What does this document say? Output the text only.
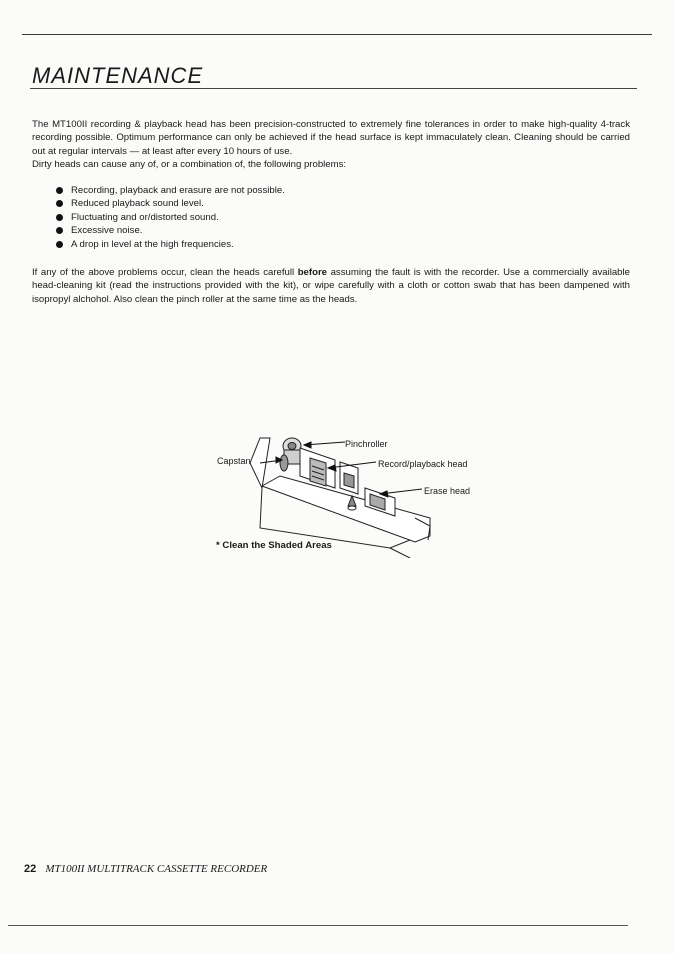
MAINTENANCE

The MT100II recording & playback head has been precision-constructed to extremely fine tolerances in order to make high-quality 4-track recording possible. Optimum performance can only be achieved if the head surface is kept immaculately clean. Cleaning should be carried out at regular intervals — at least after every 10 hours of use.

Dirty heads can cause any of, or a combination of, the following problems:

Recording, playback and erasure are not possible.
Reduced playback sound level.
Fluctuating and or/distorted sound.
Excessive noise.
A drop in level at the high frequencies.

If any of the above problems occur, clean the heads carefull before assuming the fault is with the recorder. Use a commercially available head-cleaning kit (read the instructions provided with the kit), or wipe carefully with a cloth or cotton swab that has been dampened with isopropyl alchohol. Also clean the pinch roller at the same time as the heads.

Pinchroller
Record/playback head
Erase head
Capstan
* Clean the Shaded Areas
22 MT100II MULTITRACK CASSETTE RECORDER
